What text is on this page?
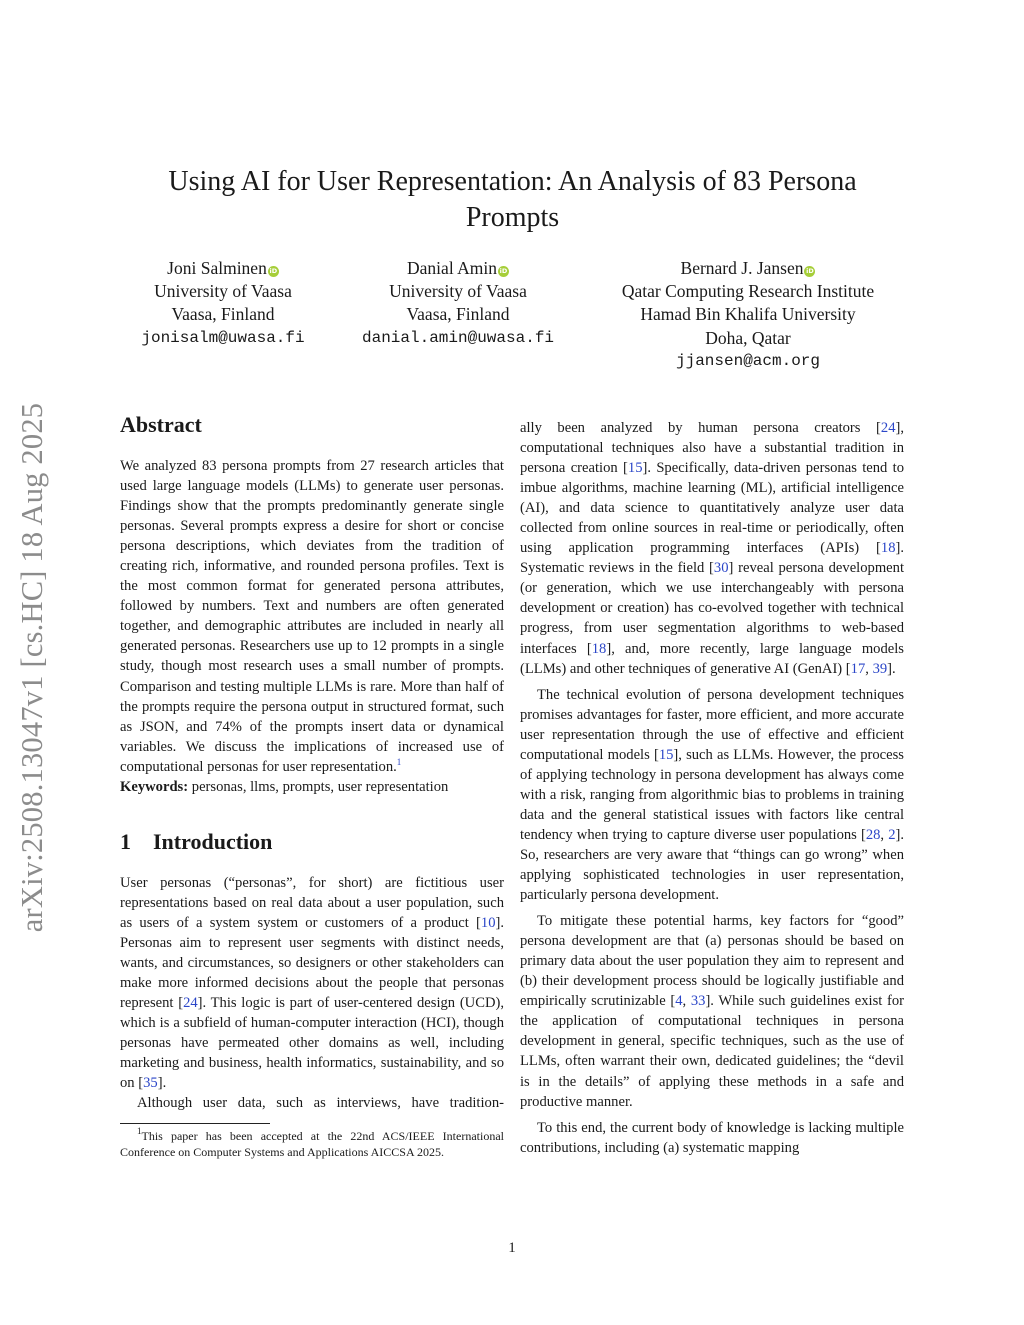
arXiv:2508.13047v1 [cs.HC] 18 Aug 2025
Using AI for User Representation: An Analysis of 83 Persona Prompts
Joni Salminen iD
University of Vaasa
Vaasa, Finland
jonisalm@uwasa.fi
Danial Amin iD
University of Vaasa
Vaasa, Finland
danial.amin@uwasa.fi
Bernard J. Jansen iD
Qatar Computing Research Institute
Hamad Bin Khalifa University
Doha, Qatar
jjansen@acm.org
Abstract

We analyzed 83 persona prompts from 27 research articles that used large language models (LLMs) to generate user personas. Findings show that the prompts predominantly generate single personas. Several prompts express a desire for short or concise persona descriptions, which deviates from the tradition of creating rich, informative, and rounded persona profiles. Text is the most common format for generated persona attributes, followed by numbers. Text and numbers are often generated together, and demographic attributes are included in nearly all generated personas. Researchers use up to 12 prompts in a single study, though most research uses a small number of prompts. Comparison and testing multiple LLMs is rare. More than half of the prompts require the persona output in structured format, such as JSON, and 74% of the prompts insert data or dynamical variables. We discuss the implications of increased use of computational personas for user representation.$^1$

Keywords: personas, llms, prompts, user representation

1 Introduction

User personas (“personas”, for short) are fictitious user representations based on real data about a user population, such as users of a system system or customers of a product [10]. Personas aim to represent user segments with distinct needs, wants, and circumstances, so designers or other stakeholders can make more informed decisions about the people that personas represent [24]. This logic is part of user-centered design (UCD), which is a subfield of human-computer interaction (HCI), though personas have permeated other domains as well, including marketing and business, health informatics, sustainability, and so on [35].

Although user data, such as interviews, have tradition-

$^1$This paper has been accepted at the 22nd ACS/IEEE International Conference on Computer Systems and Applications AICCSA 2025.

ally been analyzed by human persona creators [24], computational techniques also have a substantial tradition in persona creation [15]. Specifically, data-driven personas tend to imbue algorithms, machine learning (ML), artificial intelligence (AI), and data science to quantitatively analyze user data collected from online sources in real-time or periodically, often using application programming interfaces (APIs) [18]. Systematic reviews in the field [30] reveal persona development (or generation, which we use interchangeably with persona development or creation) has co-evolved together with technical progress, from user segmentation algorithms to web-based interfaces [18], and, more recently, large language models (LLMs) and other techniques of generative AI (GenAI) [17, 39].

The technical evolution of persona development techniques promises advantages for faster, more efficient, and more accurate user representation through the use of effective and efficient computational models [15], such as LLMs. However, the process of applying technology in persona development has always come with a risk, ranging from algorithmic bias to problems in training data and the general statistical issues with factors like central tendency when trying to capture diverse user populations [28, 2]. So, researchers are very aware that “things can go wrong” when applying sophisticated technologies in user representation, particularly persona development.

To mitigate these potential harms, key factors for “good” persona development are that (a) personas should be based on primary data about the user population they aim to represent and (b) their development process should be logically justifiable and empirically scrutinizable [4, 33]. While such guidelines exist for the application of computational techniques in persona development in general, specific techniques, such as the use of LLMs, often warrant their own, dedicated guidelines; the “devil is in the details” of applying these methods in a safe and productive manner.

To this end, the current body of knowledge is lacking multiple contributions, including (a) systematic mapping

1
